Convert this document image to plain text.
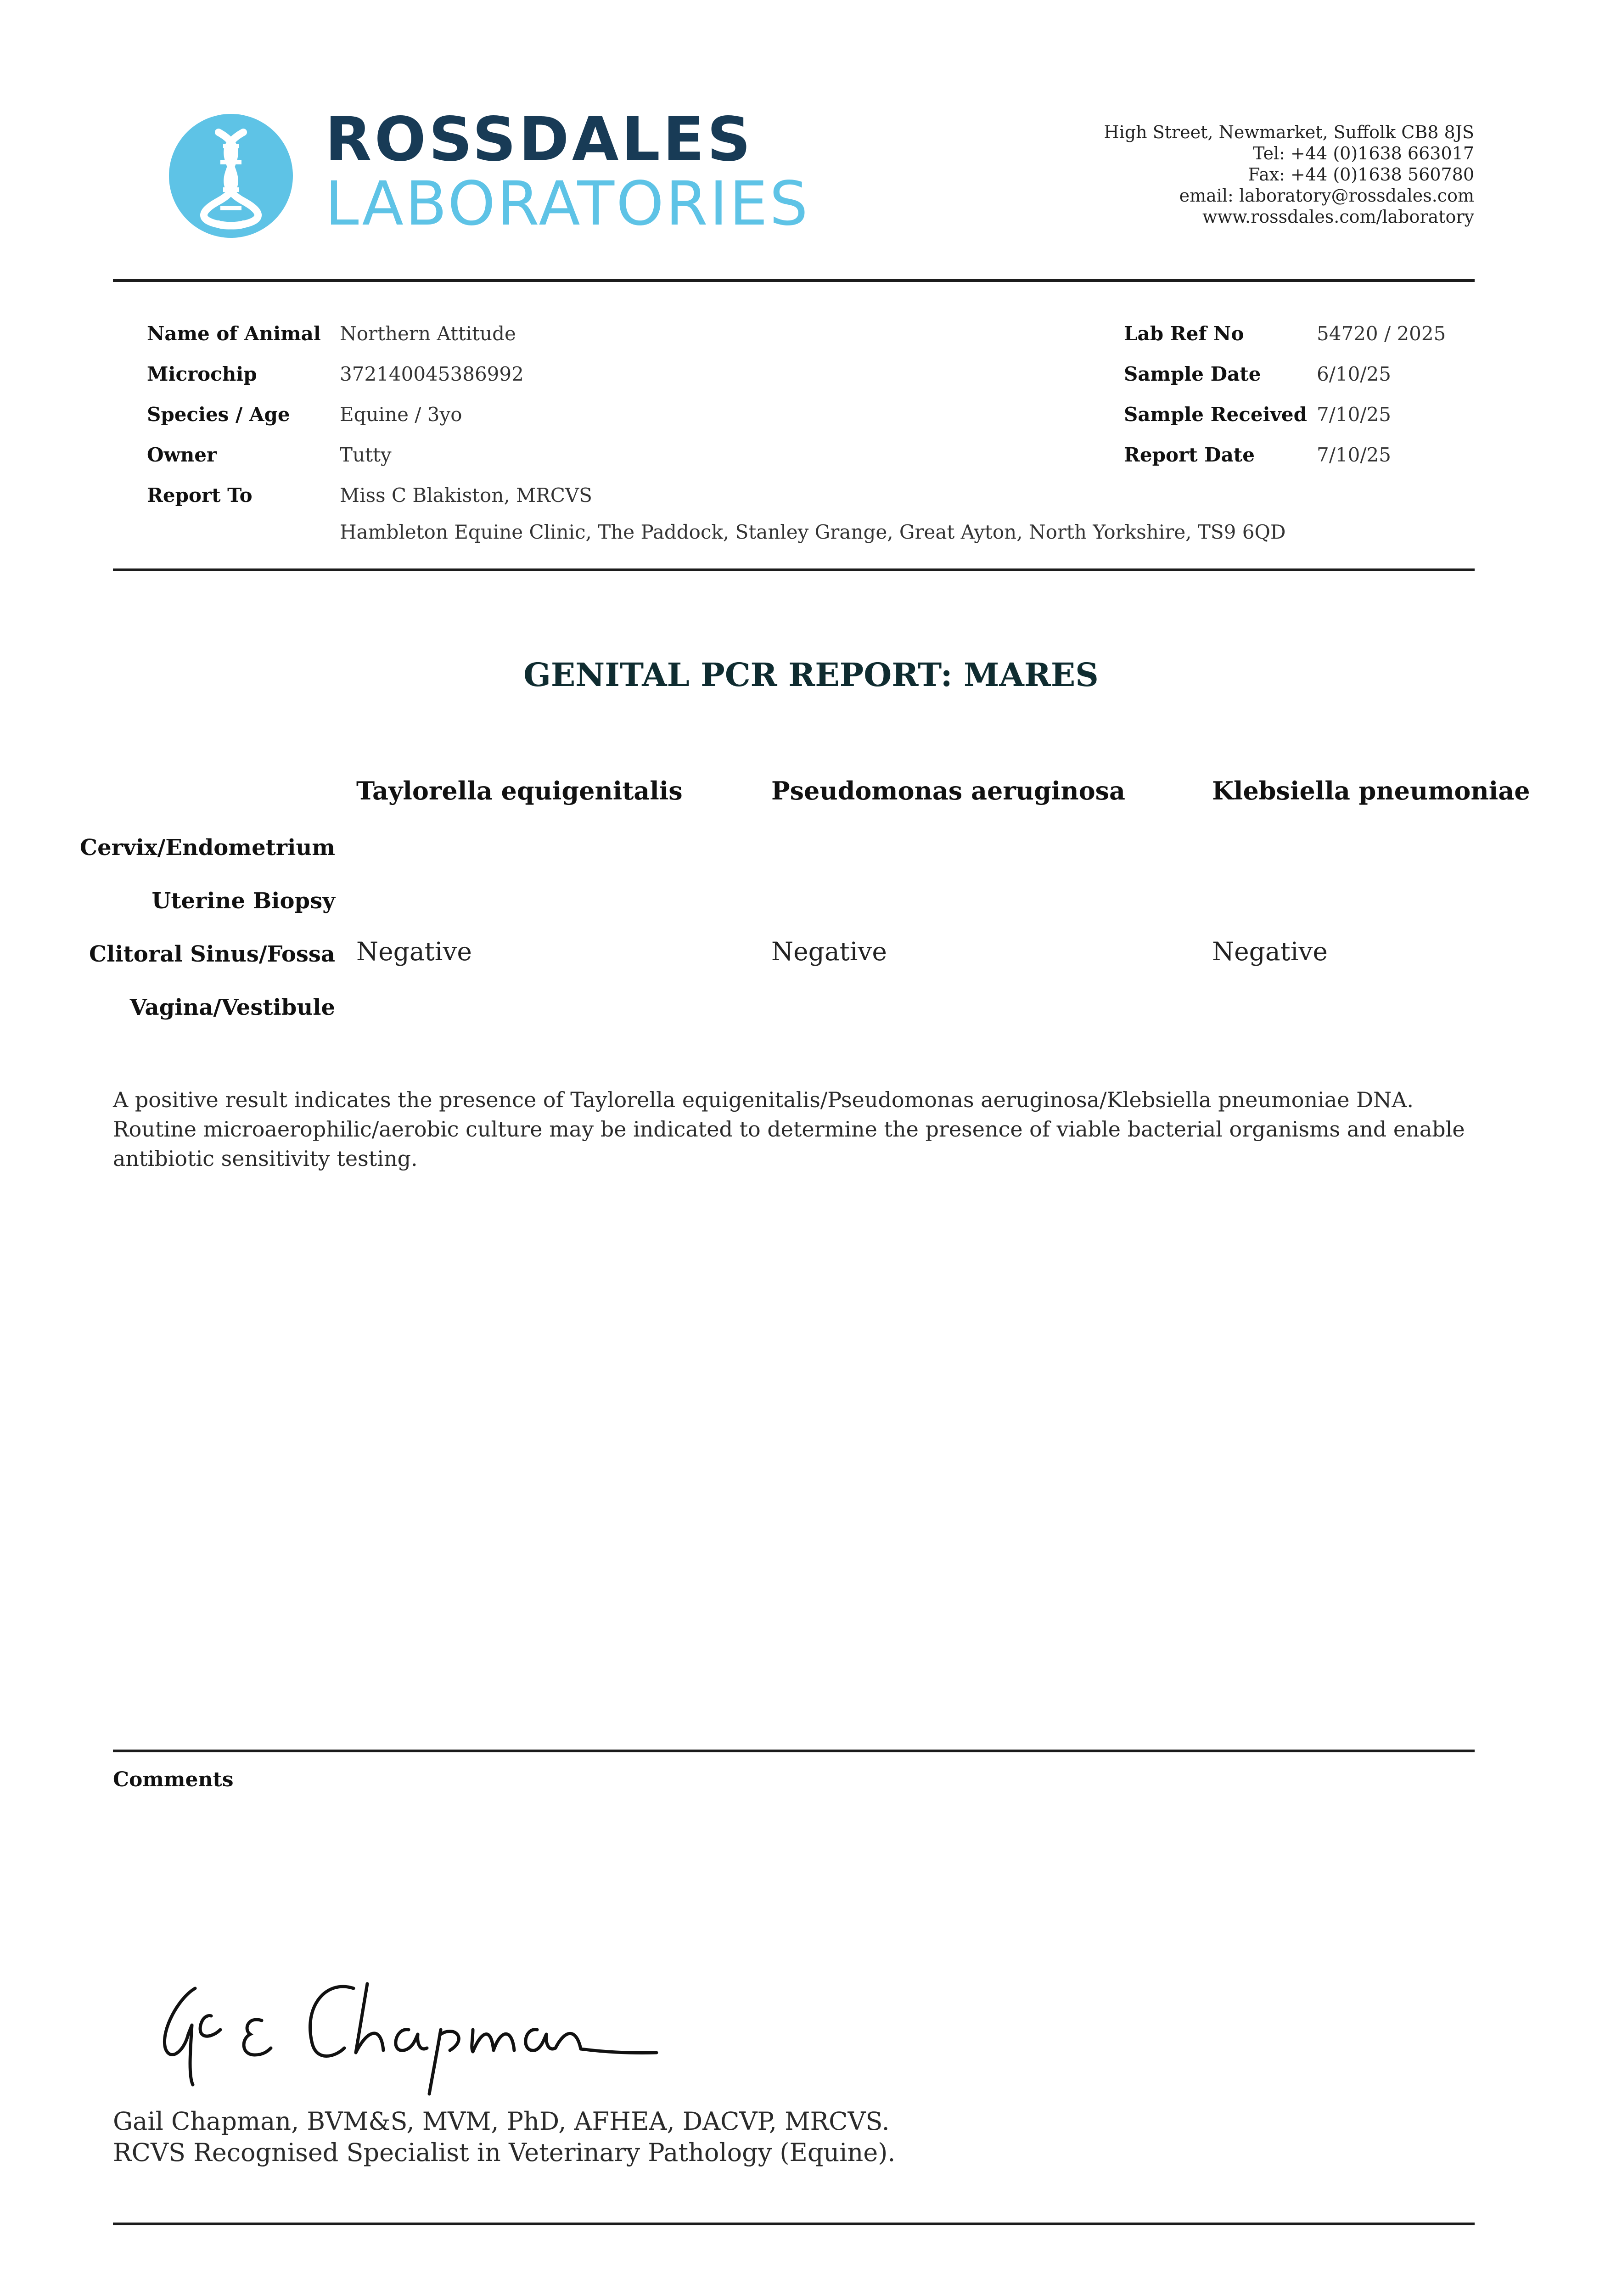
ROSSDALES
LABORATORIES
High Street, Newmarket, Suffolk CB8 8JS
Tel: +44 (0)1638 663017
Fax: +44 (0)1638 560780
email: laboratory@rossdales.com
www.rossdales.com/laboratory
Name of Animal Northern Attitude
Microchip	372140045386992
Species / Age	Equine / 3yo
Owner	Tutty
Report To	Miss C Blakiston, MRCVS
Hambleton Equine Clinic, The Paddock, Stanley Grange, Great Ayton, North Yorkshire, TS9 6QD
Lab Ref No	54720 / 2025
Sample Date	6/10/25
Sample Received 7/10/25
Report Date	7/10/25
GENITAL PCR REPORT: MARES
Taylorella equigenitalis	Pseudomonas aeruginosa	Klebsiella pneumoniae
Cervix/Endometrium
Uterine Biopsy
Clitoral Sinus/Fossa Negative	Negative	Negative
Vagina/Vestibule
A positive result indicates the presence of Taylorella equigenitalis/Pseudomonas aeruginosa/Klebsiella pneumoniae DNA. Routine microaerophilic/aerobic culture may be indicated to determine the presence of viable bacterial organisms and enable antibiotic sensitivity testing.
Comments
Gail Chapman, BVM&S, MVM, PhD, AFHEA, DACVP, MRCVS.
RCVS Recognised Specialist in Veterinary Pathology (Equine).
